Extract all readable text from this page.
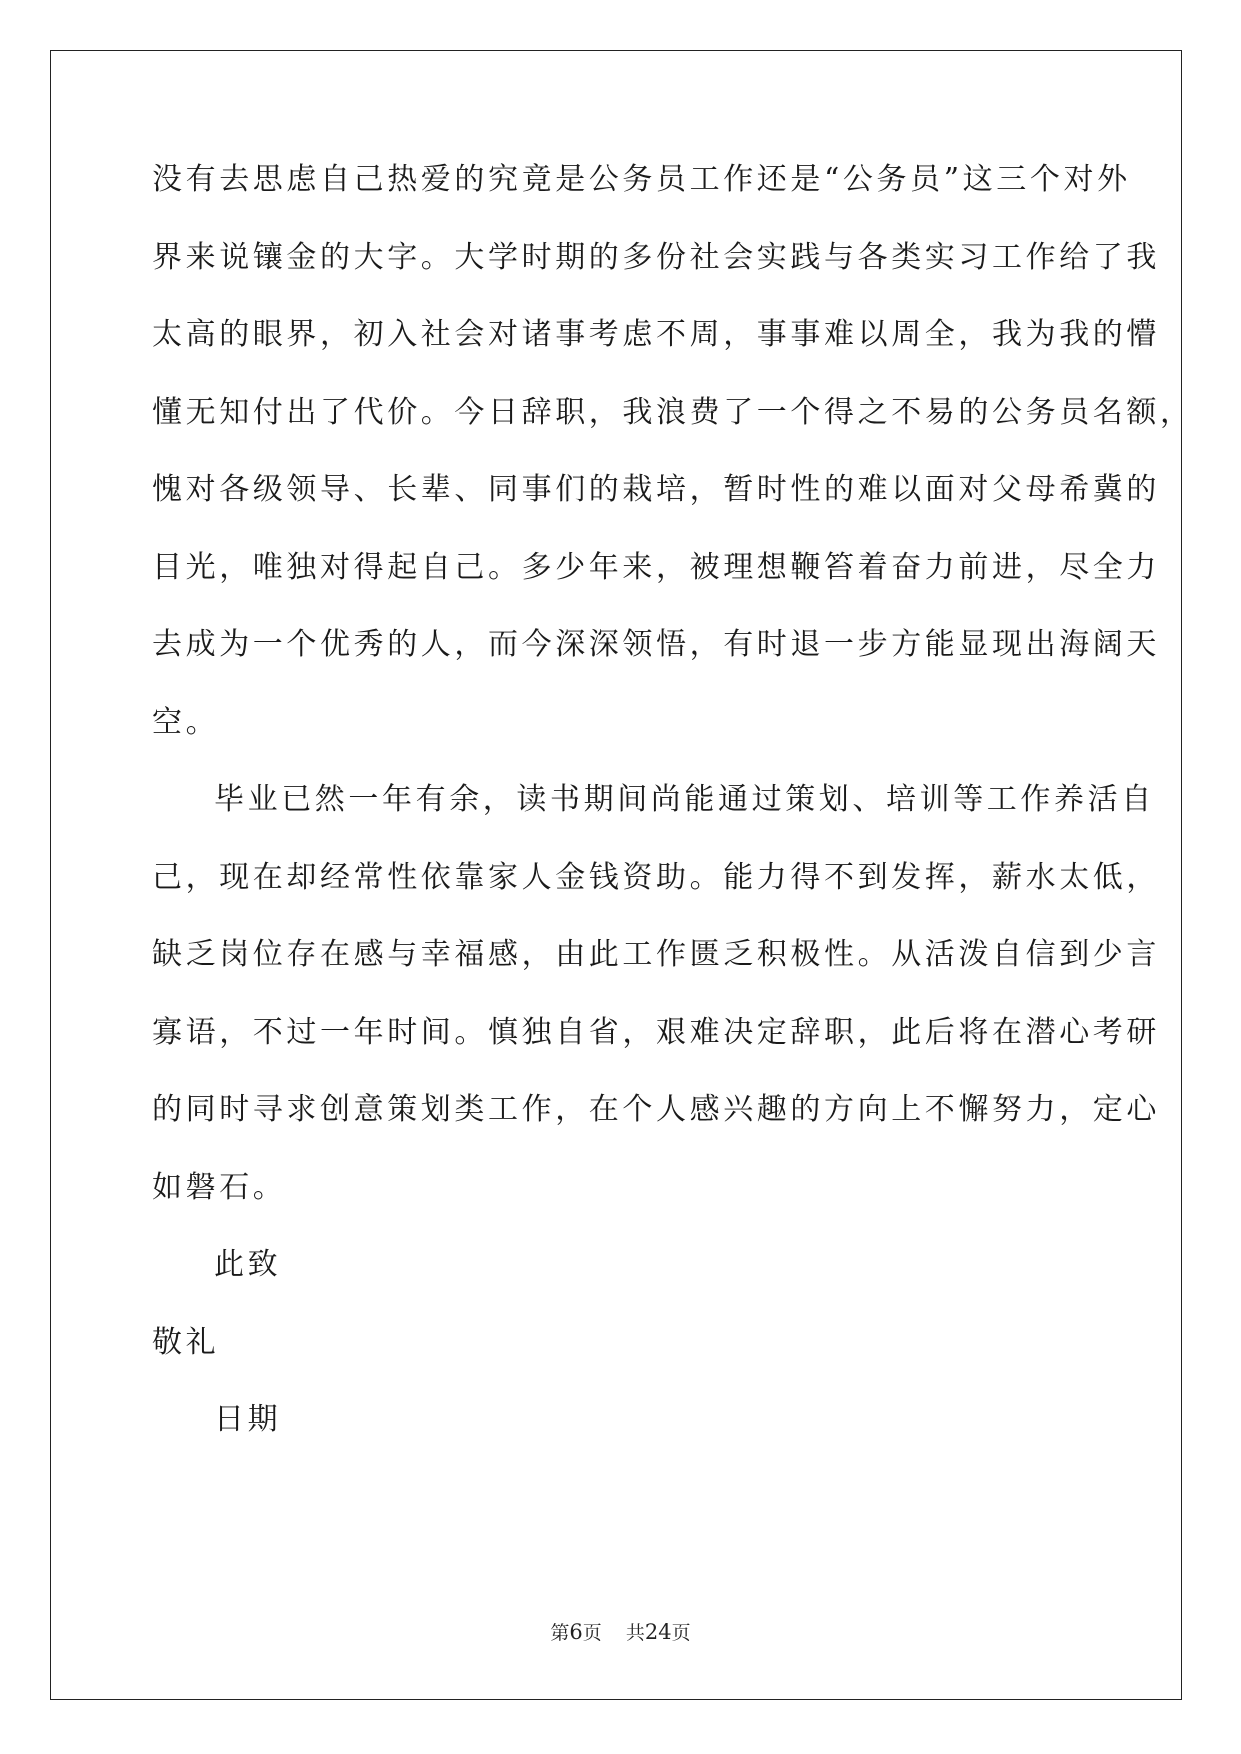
没有去思虑自己热爱的究竟是公务员工作还是“公务员”这三个对外
界来说镶金的大字。大学时期的多份社会实践与各类实习工作给了我
太高的眼界，初入社会对诸事考虑不周，事事难以周全，我为我的懵
懂无知付出了代价。今日辞职，我浪费了一个得之不易的公务员名额，
愧对各级领导、长辈、同事们的栽培，暂时性的难以面对父母希冀的
目光，唯独对得起自己。多少年来，被理想鞭笞着奋力前进，尽全力
去成为一个优秀的人，而今深深领悟，有时退一步方能显现出海阔天
空。
毕业已然一年有余，读书期间尚能通过策划、培训等工作养活自
己，现在却经常性依靠家人金钱资助。能力得不到发挥，薪水太低，
缺乏岗位存在感与幸福感，由此工作匮乏积极性。从活泼自信到少言
寡语，不过一年时间。慎独自省，艰难决定辞职，此后将在潜心考研
的同时寻求创意策划类工作，在个人感兴趣的方向上不懈努力，定心
如磐石。
此致
敬礼
日期
第6页 共24页
